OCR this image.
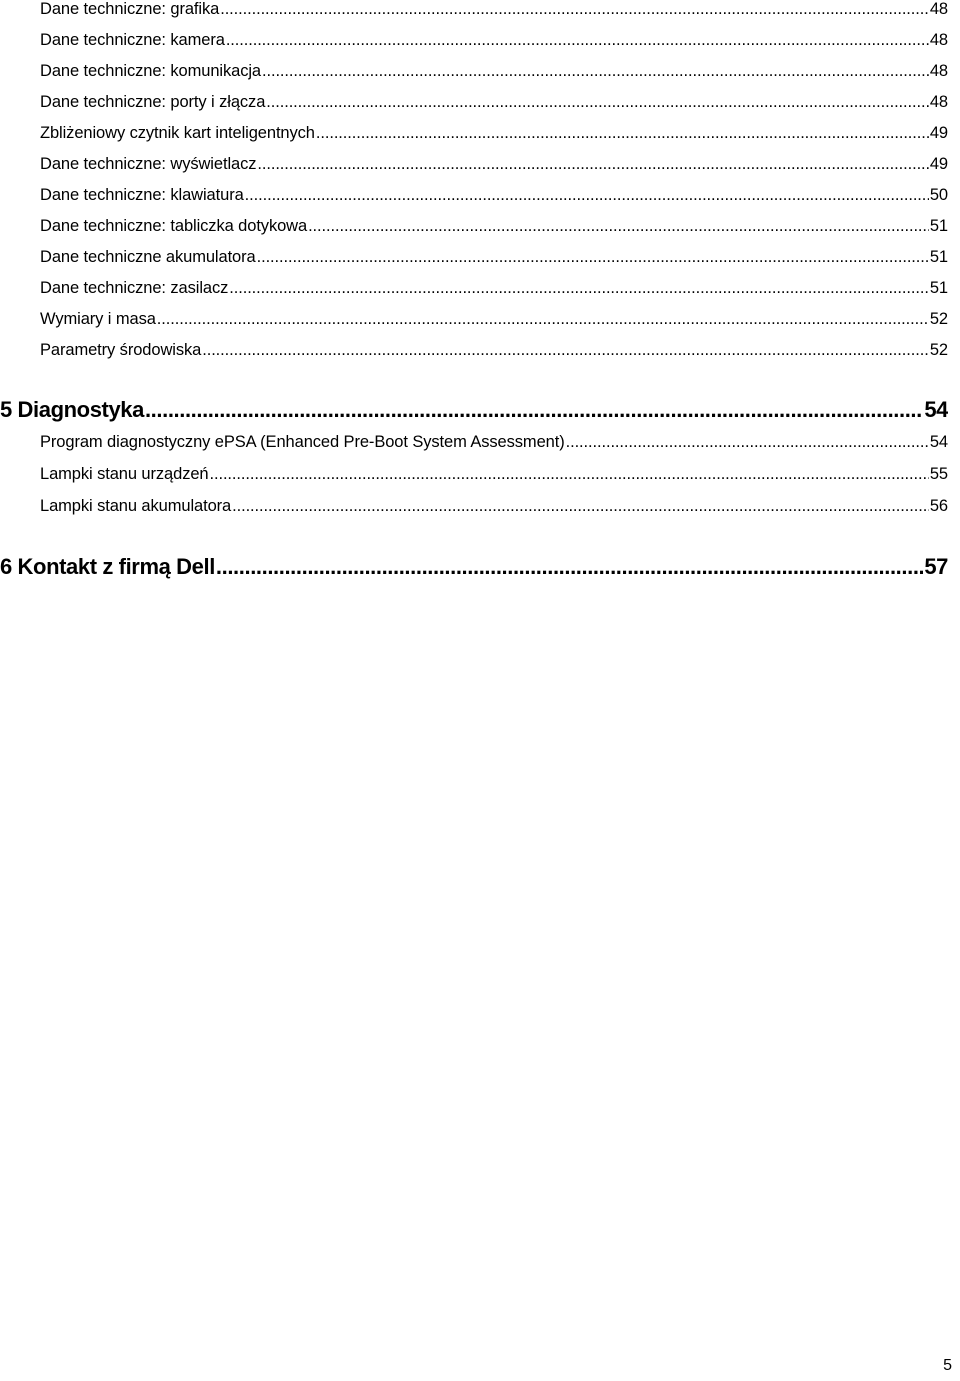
Dane techniczne: grafika .....	48
Dane techniczne: kamera .....	48
Dane techniczne: komunikacja .....	48
Dane techniczne: porty i złącza .....	48
Zbliżeniowy czytnik kart inteligentnych .....	49
Dane techniczne: wyświetlacz .....	49
Dane techniczne: klawiatura .....	50
Dane techniczne: tabliczka dotykowa .....	51
Dane techniczne akumulatora .....	51
Dane techniczne: zasilacz .....	51
Wymiary i masa .....	52
Parametry środowiska .....	52
5 Diagnostyka .....	54
Program diagnostyczny ePSA (Enhanced Pre-Boot System Assessment) .....	54
Lampki stanu urządzeń .....	55
Lampki stanu akumulatora .....	56
6 Kontakt z firmą Dell .....	57
5
